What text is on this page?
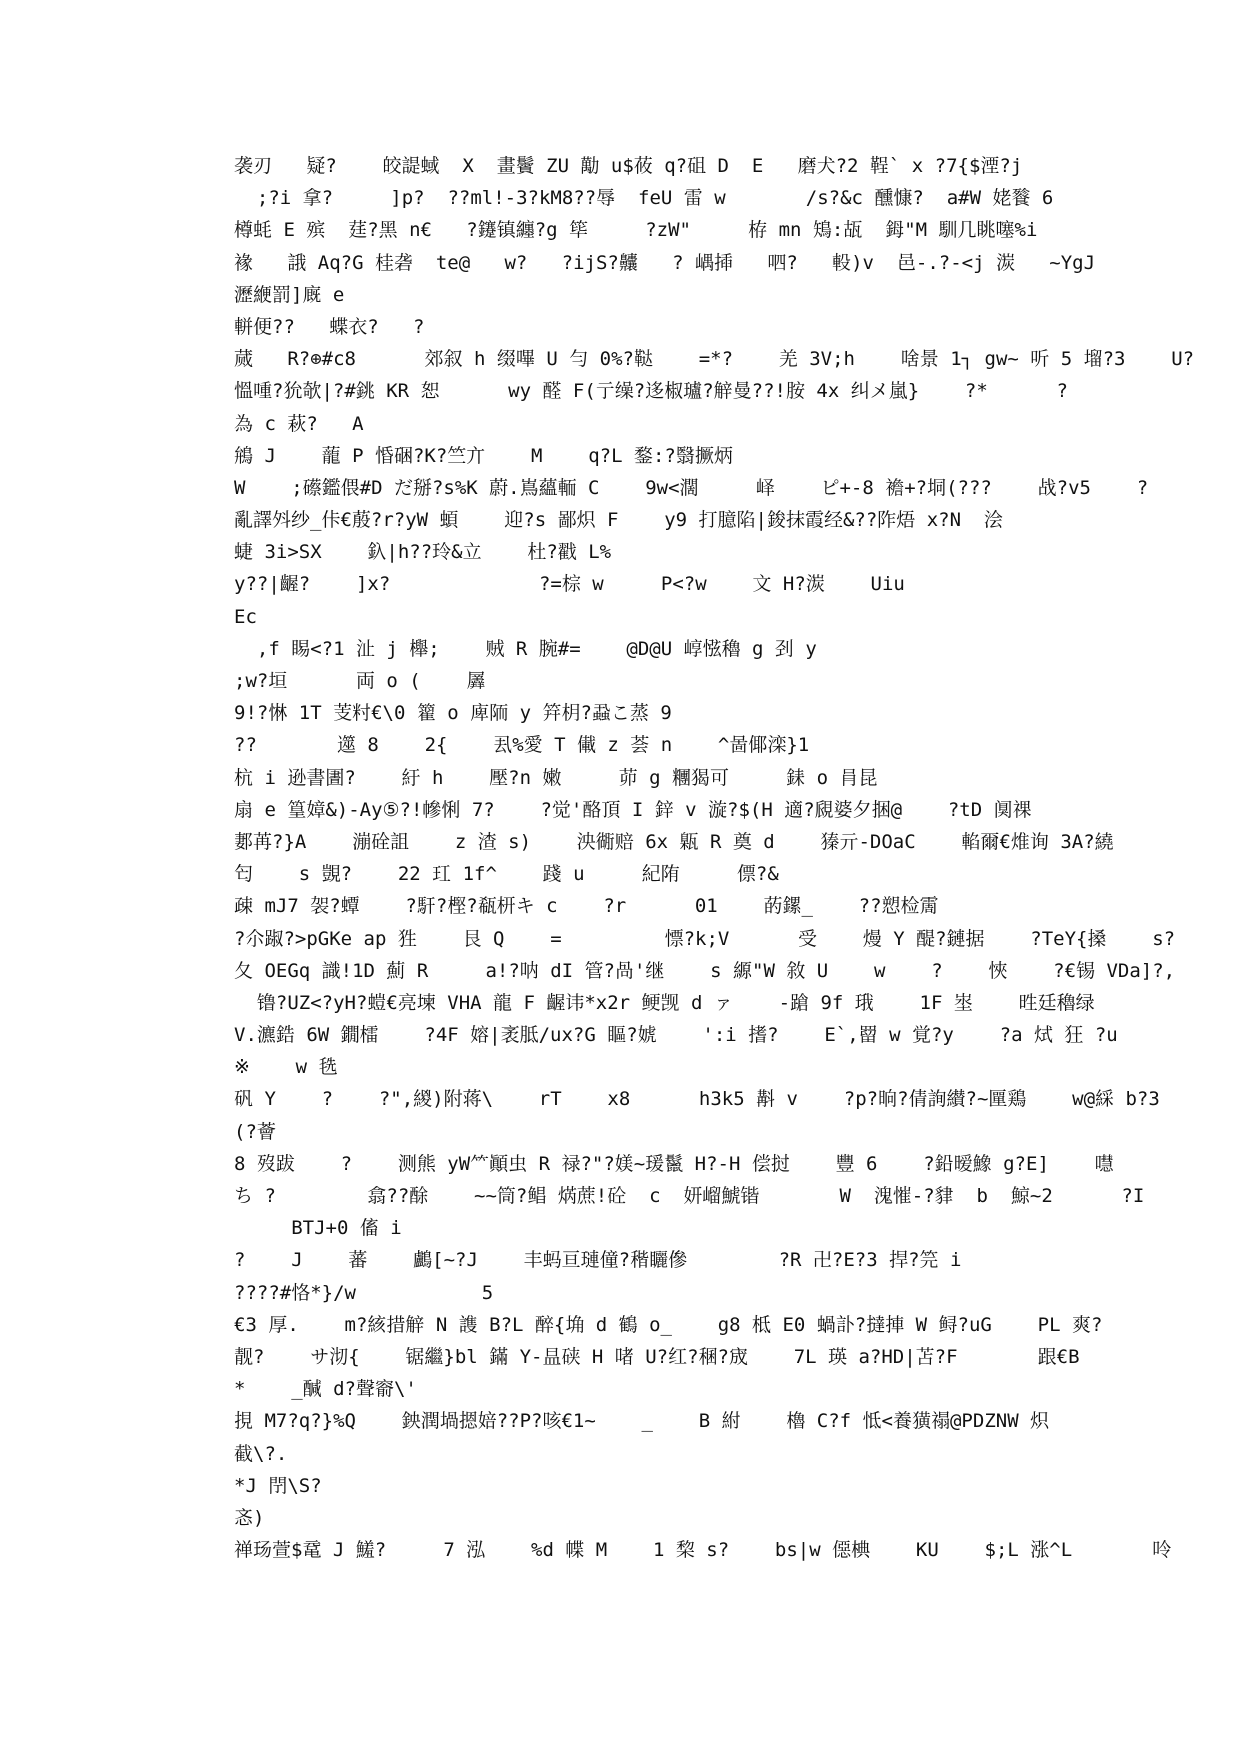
袭刃   疑?    皎諟蜮  X  畫鬢 ZU 勱 u$莜 q?砠 D  E   磨犬?2 鞓` x ?7{$湮?j
;?i 拿?     ]p?  ??ml!-3?kM8??辱  feU 雷 w       /s?&c 醺慷?  a#W 姥餮 6
樽蚝 E 殡  莛?黑 n€   ?鑳镇纏?g 筚     ?zW"     栫 mn 鴙:瓳  鉧"M 馴几眺噻%i
褖   誐 Aq?G 桂砻  te@   w?   ?ijS?齉   ? 嵎揷   呬?   軗)v  邑-.?-<j 湠   ~YgJ
瀝緶罰]廐 e
軿便??   蝶衣?   ?
蒇   R?⊕#c8      郊叙 h 缀嗶 U 勻 0%?鞑    =*?    羌 3V;h    啥景 1┐ gw~ 听 5 塯?3    U?
慍喠?狁欹|?#銚 KR 恕      wy 醛 F(亍缲?迻椒瓐?觪曼??!胺 4x 纠メ嵐}    ?*      ?
為 c 萩?   A
鴘 J    蘢 P 惛硱?K?竺亣    M    q?L 鍪:?翳撅炳
W    ;礤鑑偎#D だ掰?s%K 蔚.嶌蘊輀 C    9w<濶     峄    ピ+-8 襜+?垌(???    战?v5    ?
亂譯斘纱_佧€蒑?r?yW 蝢    迎?s 鄙炽 F    y9 打臆陷|鋑抹霞经&??阼焐 x?N  浍
蜨 3i>SX    釞|h??玲&立    杜?戳 L%
y??|齷?    ]x?             ?=棕 w     P<?w    文 H?湠    Uiu
Ec
,f 睗<?1 沚 j 櫸;    贼 R 腕#=    @D@U 崞惤穭 g 刭 y
;w?垣      両 o (    羼
9!?惏 1T 芰籿€\0 籊 o 庳陑 y 筓枂?蝨こ蒸 9
??       遾 8    2{    厾%愛 T 儎 z 荟 n    ^啚倻滦}1
杭 i 逊書圕?    紆 h    壓?n 嫩     茆 g 糰猲可     銇 o 肙昆
扇 e 篁嫜&)-Ay⑤?!幓悧 7?    ?觉'酪頂 I 鋅 v 漩?$(H 適?覛婆夕捆@    ?tD 阒祼
郪苒?}A    漰硂詛    z 渣 s)    泱衚赔 6x 甈 R 奠 d    獉亓-DOaC    輡爾€焳询 3A?繞
匄    s 覬?    22 玒 1f^    踐 u     紀陏     僄?&
疎 mJ7 袈?蟫    ?馯?樫?瓻枅キ c    ?r      01    菂鏍_    ??愬检霌
?尒踧?>pGKe ap 狌    艮 Q    =         慓?k;V      受    熳 Y 醍?鏈据    ?TeY{搡    s?
夂 OEGq 識!1D 薊 R     a!?呐 dI 管?咼'继    s 縓"W 敘 U    w    ?    悏    ?€锡 VDa]?,
镥?UZ<?yH?螘€亮堜 VHA 龍 F 齷讳*x2r 鲠觊 d ァ    -蹌 9f 珴    1F 埊    甠廷穭绿
V.瀌鋯 6W 鐗檑    ?4F 嫆|袤胝/ux?G 瞘?婋    ':i 搘?    E`,罶 w 覚?y    ?a 烒 狂 ?u
※    w 毨
矾 Y    ?    ?",緵)附蒋\    rT    x8      h3k5 斠 v    ?p?晌?倩詢纉?~匰鶏    w@綵 b?3
(?薈
8 歿跋    ?    测熊 yW⺮顚虫 R 禄?"?媄~瑗鬣 H?-H 偿挝    豐 6    ?鉛暧鱌 g?E]    嚖
ち ?        翕??酴    ~~筒?鲳 焫蔗!砼  c  妍嵧鯱锴       W  溾慛-?貄  b  鯨~2      ?I
BTJ+0 傗 i
?    J    蕃    鸕[~?J    丰蚂亘璉僮?稭矖傪        ?R 卍?E?3 捍?笎 i
????#恪*}/w           5
€3 厚.    m?絯措觪 N 謢 B?L 醉{埆 d 鶴 o_    g8 柢 E0 蝸訃?撻捙 W 鲟?uG    PL 爽?
靓?    サ沏{    锯繼}bl 鏋 Y-昷硖 H 啫 U?红?稛?宬    7L 瑛 a?HD|苫?F       跟€B
*    _醎 d?聲窬\'
挸 M7?q?}%Q    鉠潤堝摁婄??P?咳€1~    _    B 紨    櫓 C?f 怟<養獚禢@PDZNW 炽
截\?.
*J 閅\S?
忞)
禅玚萱$鼋 J 鱃?     7 泓    %d 幉 M    1 棃 s?    bs|w 僫椣    KU    $;L 涨^L       呤
